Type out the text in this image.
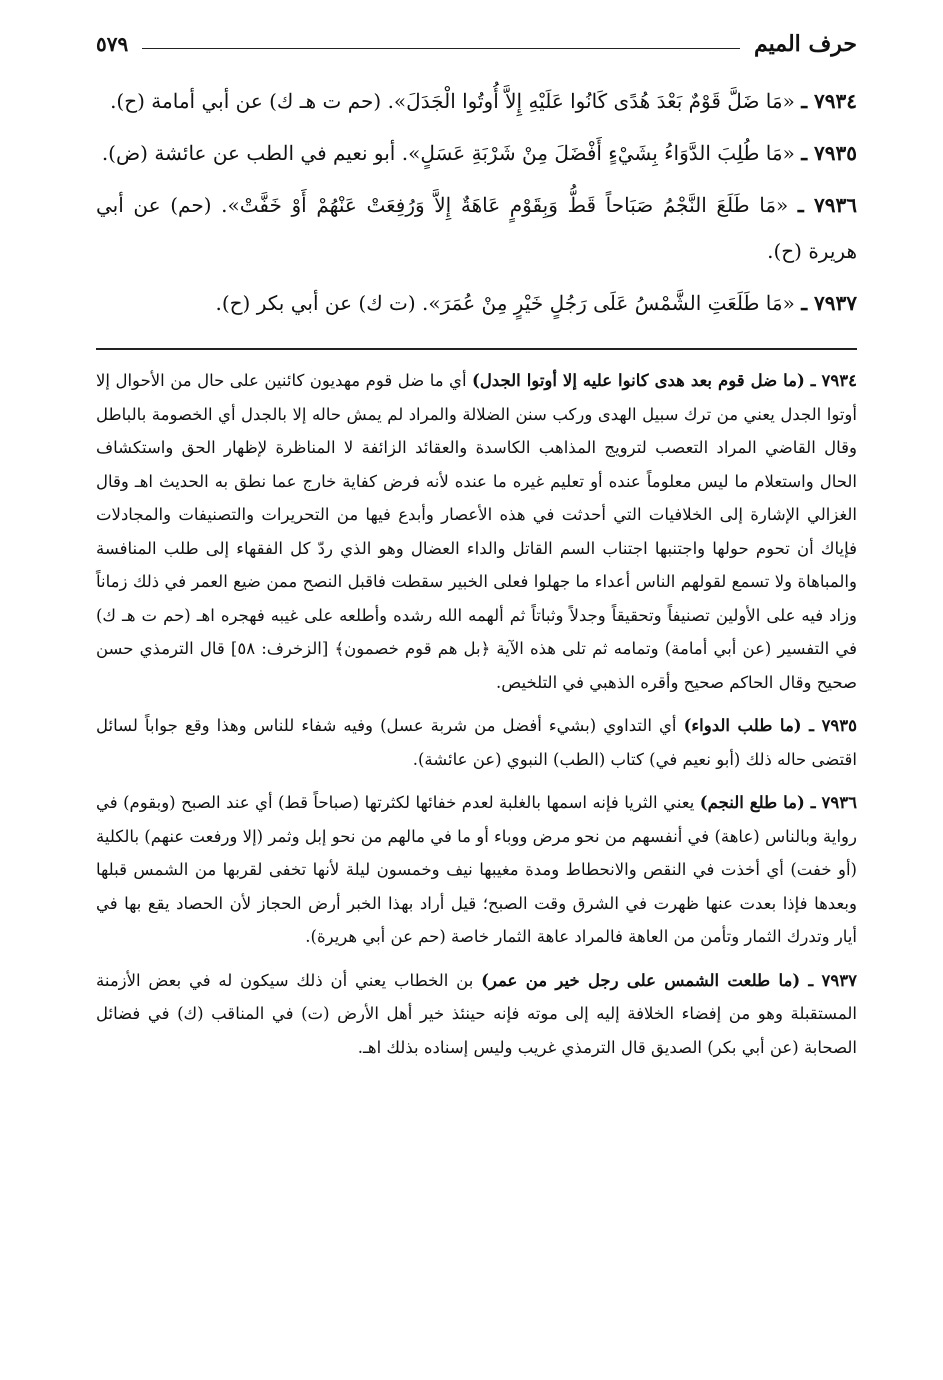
حرف الميم
٥٧٩

٧٩٣٤ ـ «مَا ضَلَّ قَوْمٌ بَعْدَ هُدًى كَانُوا عَلَيْهِ إِلاَّ أُوتُوا الْجَدَلَ». (حم ت هـ ك) عن أبي أمامة (ح).

٧٩٣٥ ـ «مَا طُلِبَ الدَّوَاءُ بِشَيْءٍ أَفْضَلَ مِنْ شَرْبَةِ عَسَلٍ». أبو نعيم في الطب عن عائشة (ض).

٧٩٣٦ ـ «مَا طَلَعَ النَّجْمُ صَبَاحاً قَطُّ وَبِقَوْمٍ عَاهَةٌ إِلاَّ وَرُفِعَتْ عَنْهُمْ أَوْ خَفَّتْ». (حم) عن أبي هريرة (ح).

٧٩٣٧ ـ «مَا طَلَعَتِ الشَّمْسُ عَلَى رَجُلٍ خَيْرٍ مِنْ عُمَرَ». (ت ك) عن أبي بكر (ح).

٧٩٣٤ ـ (ما ضل قوم بعد هدى كانوا عليه إلا أوتوا الجدل) أي ما ضل قوم مهديون كائنين على حال من الأحوال إلا أوتوا الجدل يعني من ترك سبيل الهدى وركب سنن الضلالة والمراد لم يمش حاله إلا بالجدل أي الخصومة بالباطل وقال القاضي المراد التعصب لترويج المذاهب الكاسدة والعقائد الزائفة لا المناظرة لإظهار الحق واستكشاف الحال واستعلام ما ليس معلوماً عنده أو تعليم غيره ما عنده لأنه فرض كفاية خارج عما نطق به الحديث اهـ وقال الغزالي الإشارة إلى الخلافيات التي أحدثت في هذه الأعصار وأبدع فيها من التحريرات والتصنيفات والمجادلات فإياك أن تحوم حولها واجتنبها اجتناب السم القاتل والداء العضال وهو الذي ردّ كل الفقهاء إلى طلب المنافسة والمباهاة ولا تسمع لقولهم الناس أعداء ما جهلوا فعلى الخبير سقطت فاقبل النصح ممن ضيع العمر في ذلك زماناً وزاد فيه على الأولين تصنيفاً وتحقيقاً وجدلاً وثباتاً ثم ألهمه الله رشده وأطلعه على غيبه فهجره اهـ (حم ت هـ ك) في التفسير (عن أبي أمامة) وتمامه ثم تلى هذه الآية ﴿بل هم قوم خصمون﴾ [الزخرف: ٥٨] قال الترمذي حسن صحيح وقال الحاكم صحيح وأقره الذهبي في التلخيص.

٧٩٣٥ ـ (ما طلب الدواء) أي التداوي (بشيء أفضل من شربة عسل) وفيه شفاء للناس وهذا وقع جواباً لسائل اقتضى حاله ذلك (أبو نعيم في) كتاب (الطب) النبوي (عن عائشة).

٧٩٣٦ ـ (ما طلع النجم) يعني الثريا فإنه اسمها بالغلبة لعدم خفائها لكثرتها (صباحاً قط) أي عند الصبح (وبقوم) في رواية وبالناس (عاهة) في أنفسهم من نحو مرض ووباء أو ما في مالهم من نحو إبل وثمر (إلا ورفعت عنهم) بالكلية (أو خفت) أي أخذت في النقص والانحطاط ومدة مغيبها نيف وخمسون ليلة لأنها تخفى لقربها من الشمس قبلها وبعدها فإذا بعدت عنها ظهرت في الشرق وقت الصبح؛ قيل أراد بهذا الخبر أرض الحجاز لأن الحصاد يقع بها في أيار وتدرك الثمار وتأمن من العاهة فالمراد عاهة الثمار خاصة (حم عن أبي هريرة).

٧٩٣٧ ـ (ما طلعت الشمس على رجل خير من عمر) بن الخطاب يعني أن ذلك سيكون له في بعض الأزمنة المستقبلة وهو من إفضاء الخلافة إليه إلى موته فإنه حينئذ خير أهل الأرض (ت) في المناقب (ك) في فضائل الصحابة (عن أبي بكر) الصديق قال الترمذي غريب وليس إسناده بذلك اهـ.
